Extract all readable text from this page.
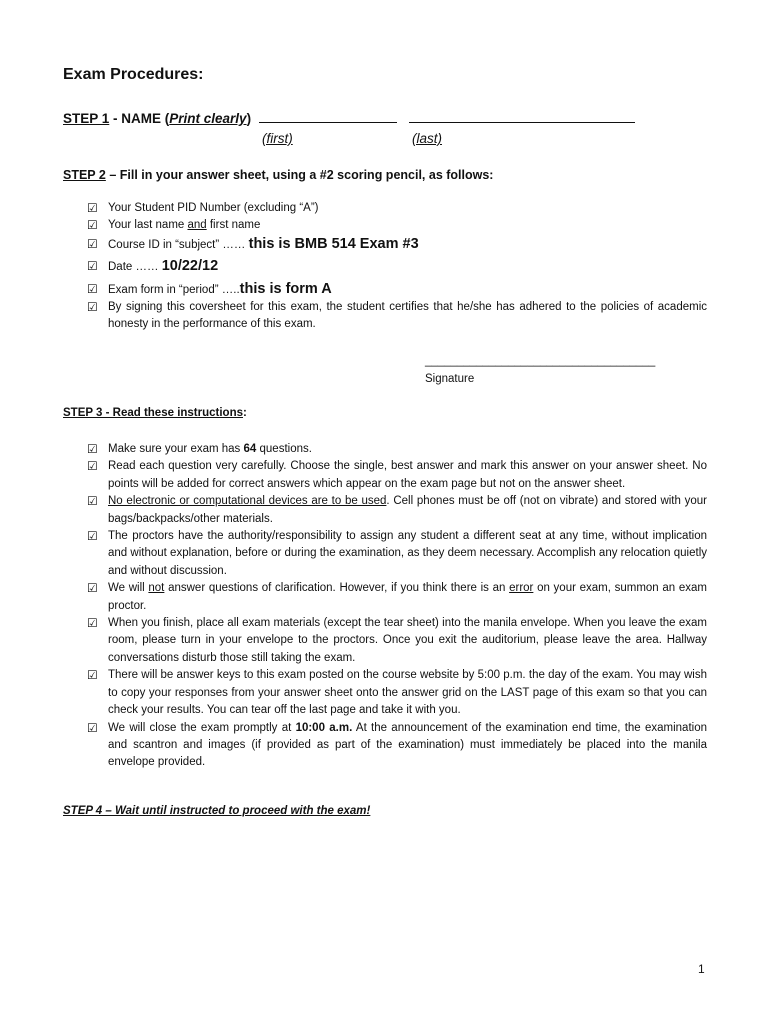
Exam Procedures:
STEP 1 - NAME (Print clearly)
(first)	(last)
STEP 2 – Fill in your answer sheet, using a #2 scoring pencil, as follows:
☑ Your Student PID Number (excluding “A”)
☑ Your last name and first name
☑ Course ID in “subject” …… this is BMB 514 Exam #3
☑ Date …… 10/22/12
☑ Exam form in “period” …..this is form A
☑ By signing this coversheet for this exam, the student certifies that he/she has adhered to the policies of academic honesty in the performance of this exam.
____________________________________
Signature
STEP 3 - Read these instructions:
☑ Make sure your exam has 64 questions.
☑ Read each question very carefully. Choose the single, best answer and mark this answer on your answer sheet. No points will be added for correct answers which appear on the exam page but not on the answer sheet.
☑ No electronic or computational devices are to be used. Cell phones must be off (not on vibrate) and stored with your bags/backpacks/other materials.
☑ The proctors have the authority/responsibility to assign any student a different seat at any time, without implication and without explanation, before or during the examination, as they deem necessary. Accomplish any relocation quietly and without discussion.
☑ We will not answer questions of clarification. However, if you think there is an error on your exam, summon an exam proctor.
☑ When you finish, place all exam materials (except the tear sheet) into the manila envelope. When you leave the exam room, please turn in your envelope to the proctors. Once you exit the auditorium, please leave the area. Hallway conversations disturb those still taking the exam.
☑ There will be answer keys to this exam posted on the course website by 5:00 p.m. the day of the exam. You may wish to copy your responses from your answer sheet onto the answer grid on the LAST page of this exam so that you can check your results. You can tear off the last page and take it with you.
☑ We will close the exam promptly at 10:00 a.m. At the announcement of the examination end time, the examination and scantron and images (if provided as part of the examination) must immediately be placed into the manila envelope provided.
STEP 4 – Wait until instructed to proceed with the exam!
1
